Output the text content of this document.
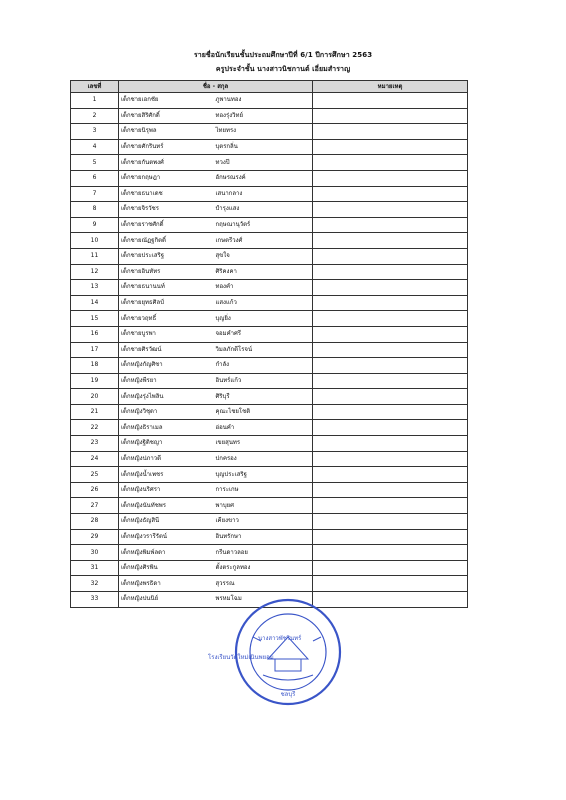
รายชื่อนักเรียนชั้นประถมศึกษาปีที่ 6/1 ปีการศึกษา 2563
ครูประจำชั้น นางสาวนิชกานต์ เอี่ยมสำราญ
เลขที่	ชื่อ - สกุล		หมายเหตุ
1	เด็กชายเอกชัย	ภูพานทอง	
2	เด็กชายสิริศักดิ์	ทองรุ่งวิทย์	
3	เด็กชายนิรุพล	ไทยทรง	
4	เด็กชายศักรินทร์	บุตรกลิ่น	
5	เด็กชายกันตพงศ์	ทวงปี	
6	เด็กชายกฤษฎา	อักษรณรงค์	
7	เด็กชายธนาเดช	เสนากลาง	
8	เด็กชายจิรวัชร	ปำรุงแสง	
9	เด็กชายราชศักดิ์	กฤษณานุวัตร์	
10	เด็กชายณัฏฐกิตติ์	เกษตรีวงศ์	
11	เด็กชายประเสริฐ	สุขใจ	
12	เด็กชายอินทัทร	ศิริคงคา	
13	เด็กชายธนานนท์	ทองคำ	
14	เด็กชายยุทธศิลป์	แสงแก้ว	
15	เด็กชายวฤทธิ์	บุญยิ่ง	
16	เด็กชายบูรพา	จอมคำศรี	
17	เด็กชายศิรวัฒน์	วิมลภักดีโรจน์	
18	เด็กหญิงกัญศิชา	กำลัง	
19	เด็กหญิงพีรยา	อินทร์แก้ว	
20	เด็กหญิงรุ่งไพลิน	ศิริบุรี	
21	เด็กหญิงวิชุดา	คุณะไชยโชติ	
22	เด็กหญิงธิราเมล	อ่อนคำ	
23	เด็กหญิงฐิติชญา	เขยสุนทร	
24	เด็กหญิงปภาวดี	ปกครอง	
25	เด็กหญิงน้ำเพชร	บุญประเสริฐ	
26	เด็กหญิงนริศรา	การะเกษ	
27	เด็กหญิงนันทัชพร	พาบุยศ	
28	เด็กหญิงธัญสินี	เคียงขาว	
29	เด็กหญิงวรารีรัตน์	อินทรักษา	
30	เด็กหญิงพิมพ์ลดา	กรีนดาวลอย	
31	เด็กหญิงศิรพิน	ตั้งตระกูลทอง	
32	เด็กหญิงพรธิดา	สุวรรณ	
33	เด็กหญิงปนนิย์	พรหมโฉม	
ชลบุรี
นางสาวพัชรินทร์
โรงเรียนวัดใหม่เนินพยอม
